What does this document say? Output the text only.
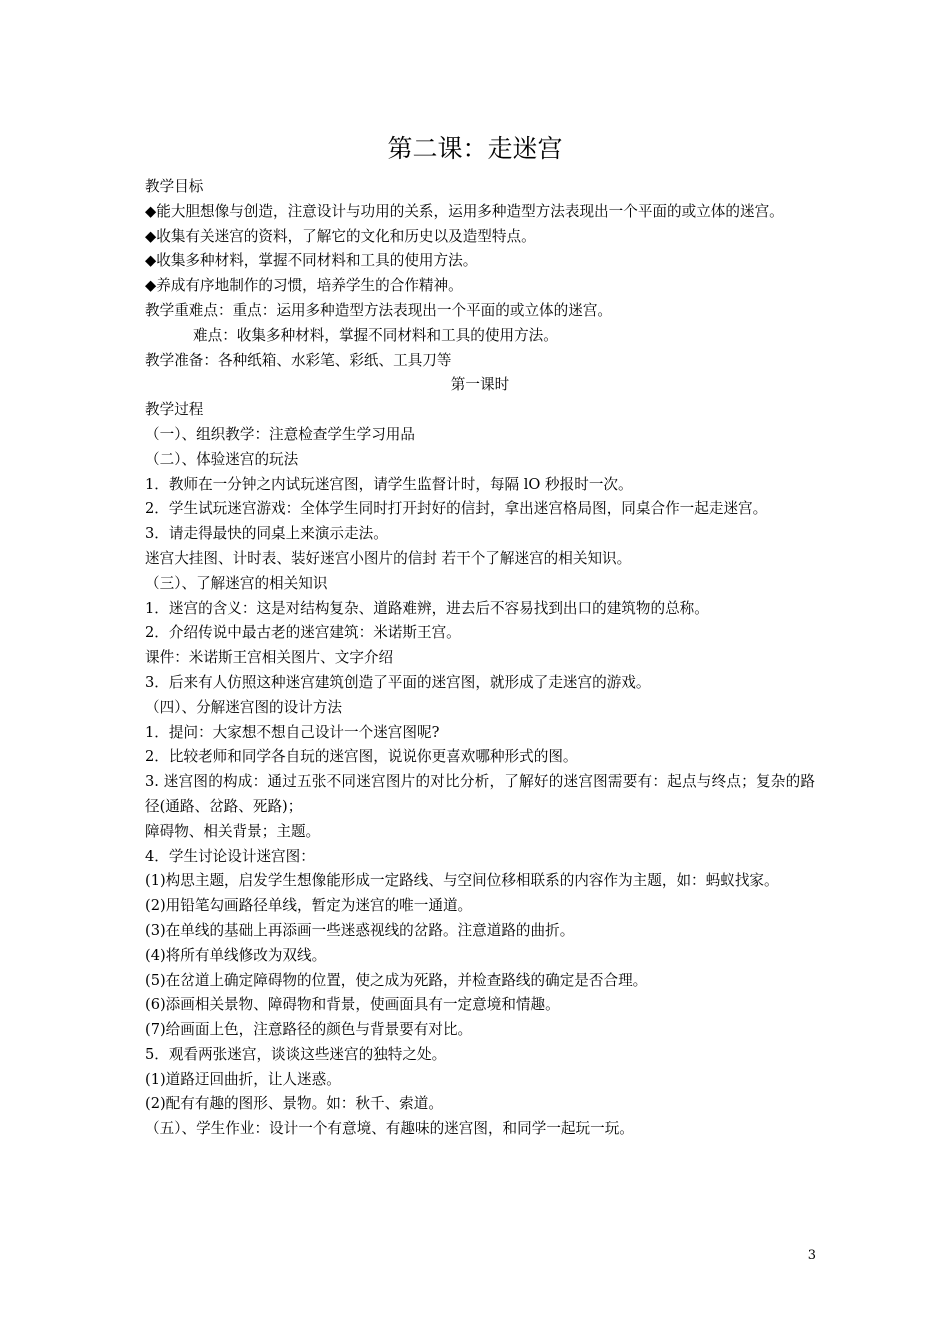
第二课：走迷宫

教学目标

◆能大胆想像与创造，注意设计与功用的关系，运用多种造型方法表现出一个平面的或立体的迷宫。

◆收集有关迷宫的资料，了解它的文化和历史以及造型特点。

◆收集多种材料，掌握不同材料和工具的使用方法。

◆养成有序地制作的习惯，培养学生的合作精神。

教学重难点：重点：运用多种造型方法表现出一个平面的或立体的迷宫。

难点：收集多种材料，掌握不同材料和工具的使用方法。

教学准备：各种纸箱、水彩笔、彩纸、工具刀等

第一课时

教学过程

（一）、组织教学：注意检查学生学习用品

（二）、体验迷宫的玩法

1．教师在一分钟之内试玩迷宫图，请学生监督计时，每隔 lO 秒报时一次。

2．学生试玩迷宫游戏：全体学生同时打开封好的信封，拿出迷宫格局图，同桌合作一起走迷宫。

3．请走得最快的同桌上来演示走法。

迷宫大挂图、计时表、装好迷宫小图片的信封 若干个了解迷宫的相关知识。

（三）、了解迷宫的相关知识

1．迷宫的含义：这是对结构复杂、道路难辨，进去后不容易找到出口的建筑物的总称。

2．介绍传说中最古老的迷宫建筑：米诺斯王宫。

课件：米诺斯王宫相关图片、文字介绍

3．后来有人仿照这种迷宫建筑创造了平面的迷宫图，就形成了走迷宫的游戏。

（四）、分解迷宫图的设计方法

1．提问：大家想不想自己设计一个迷宫图呢?

2．比较老师和同学各自玩的迷宫图，说说你更喜欢哪种形式的图。

3. 迷宫图的构成：通过五张不同迷宫图片的对比分析，了解好的迷宫图需要有：起点与终点；复杂的路径(通路、岔路、死路)；

障碍物、相关背景；主题。

4．学生讨论设计迷宫图：

(1)构思主题，启发学生想像能形成一定路线、与空间位移相联系的内容作为主题，如：蚂蚁找家。

(2)用铅笔勾画路径单线，暂定为迷宫的唯一通道。

(3)在单线的基础上再添画一些迷惑视线的岔路。注意道路的曲折。

(4)将所有单线修改为双线。

(5)在岔道上确定障碍物的位置，使之成为死路，并检查路线的确定是否合理。

(6)添画相关景物、障碍物和背景，使画面具有一定意境和情趣。

(7)给画面上色，注意路径的颜色与背景要有对比。

5．观看两张迷宫，谈谈这些迷宫的独特之处。

(1)道路迂回曲折，让人迷惑。

(2)配有有趣的图形、景物。如：秋千、索道。

（五）、学生作业：设计一个有意境、有趣味的迷宫图，和同学一起玩一玩。

3
